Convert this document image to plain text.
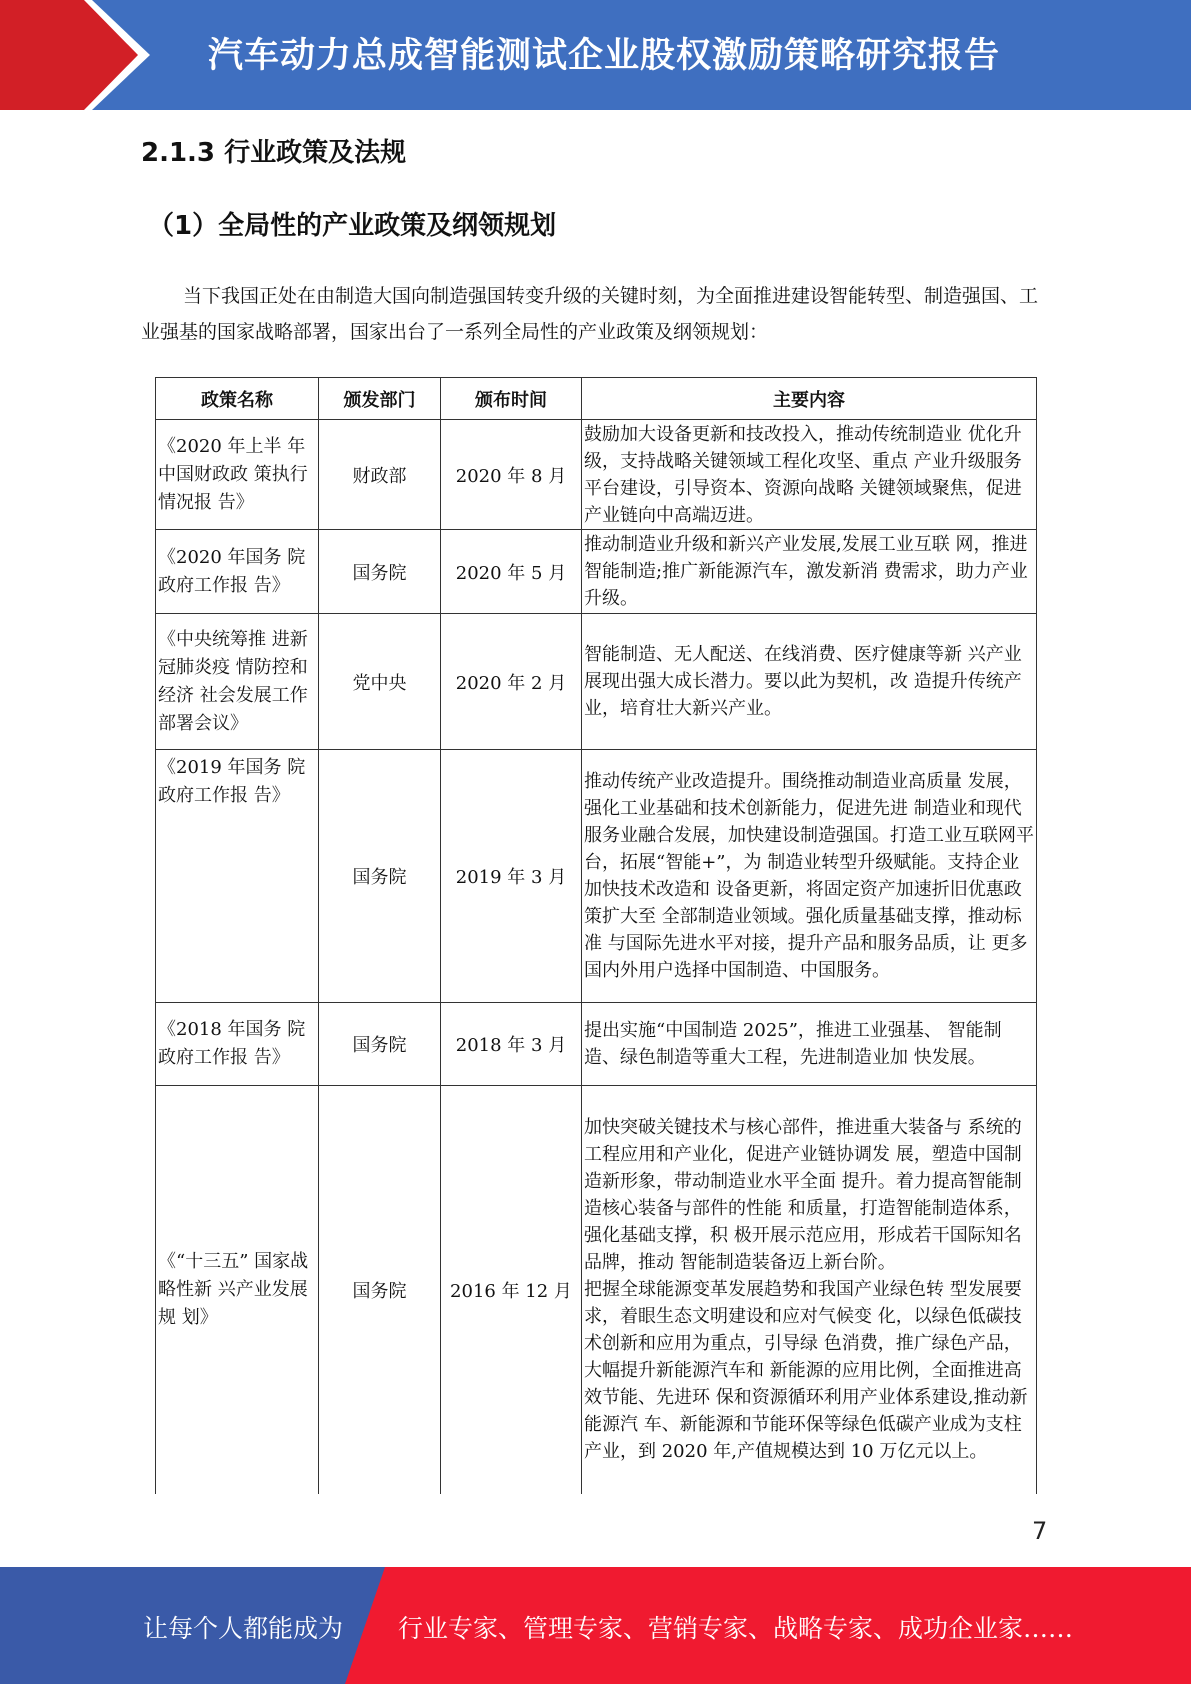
汽车动力总成智能测试企业股权激励策略研究报告
2.1.3 行业政策及法规
（1）全局性的产业政策及纲领规划

当下我国正处在由制造大国向制造强国转变升级的关键时刻，为全面推进建设智能转型、制造强国、工业强基的国家战略部署，国家出台了一系列全局性的产业政策及纲领规划：

政策名称	颁发部门	颁布时间	主要内容
《2020 年上半 年中国财政政 策执行情况报 告》	财政部	2020 年 8 月	鼓励加大设备更新和技改投入，推动传统制造业 优化升级，支持战略关键领域工程化攻坚、重点 产业升级服务平台建设，引导资本、资源向战略 关键领域聚焦，促进产业链向中高端迈进。
《2020 年国务 院政府工作报 告》	国务院	2020 年 5 月	推动制造业升级和新兴产业发展,发展工业互联 网，推进智能制造;推广新能源汽车，激发新消 费需求，助力产业升级。
《中央统筹推 进新冠肺炎疫 情防控和经济 社会发展工作 部署会议》	党中央	2020 年 2 月	智能制造、无人配送、在线消费、医疗健康等新 兴产业展现出强大成长潜力。要以此为契机，改 造提升传统产业，培育壮大新兴产业。
《2019 年国务 院政府工作报 告》	国务院	2019 年 3 月	推动传统产业改造提升。围绕推动制造业高质量 发展，强化工业基础和技术创新能力，促进先进 制造业和现代服务业融合发展，加快建设制造强国。打造工业互联网平台，拓展“智能+”，为 制造业转型升级赋能。支持企业加快技术改造和 设备更新，将固定资产加速折旧优惠政策扩大至 全部制造业领域。强化质量基础支撑，推动标准 与国际先进水平对接，提升产品和服务品质，让 更多国内外用户选择中国制造、中国服务。
《2018 年国务 院政府工作报 告》	国务院	2018 年 3 月	提出实施“中国制造 2025”，推进工业强基、 智能制造、绿色制造等重大工程，先进制造业加 快发展。
《“十三五” 国家战略性新 兴产业发展规 划》	国务院	2016 年 12 月	加快突破关键技术与核心部件，推进重大装备与 系统的工程应用和产业化，促进产业链协调发 展，塑造中国制造新形象，带动制造业水平全面 提升。着力提高智能制造核心装备与部件的性能 和质量，打造智能制造体系，强化基础支撑，积 极开展示范应用，形成若干国际知名品牌，推动 智能制造装备迈上新台阶。
把握全球能源变革发展趋势和我国产业绿色转 型发展要求，着眼生态文明建设和应对气候变 化，以绿色低碳技术创新和应用为重点，引导绿 色消费，推广绿色产品，大幅提升新能源汽车和 新能源的应用比例，全面推进高效节能、先进环 保和资源循环利用产业体系建设,推动新能源汽 车、新能源和节能环保等绿色低碳产业成为支柱 产业，到 2020 年,产值规模达到 10 万亿元以上。
7
让每个人都能成为 行业专家、管理专家、营销专家、战略专家、成功企业家……
